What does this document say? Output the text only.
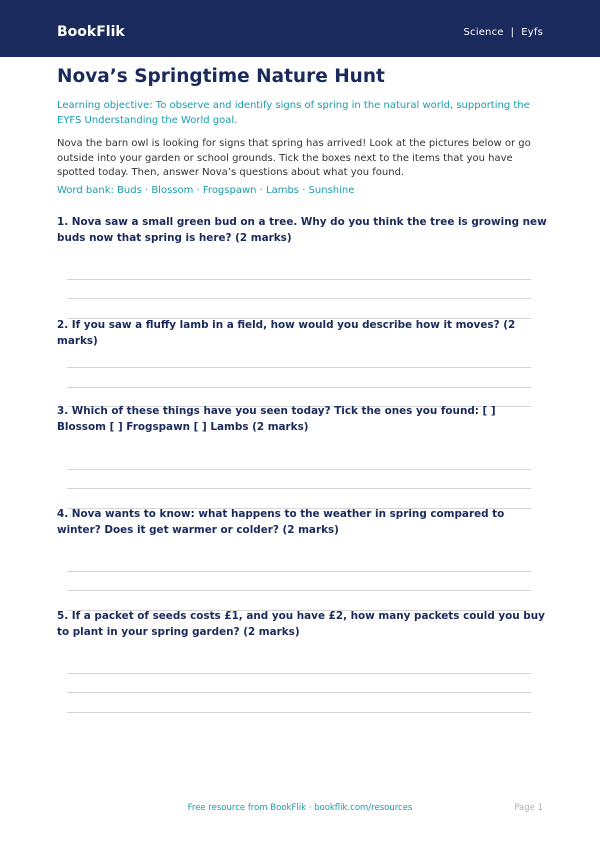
BookFlik	Science | Eyfs
Nova’s Springtime Nature Hunt
Learning objective: To observe and identify signs of spring in the natural world, supporting the EYFS Understanding the World goal.
Nova the barn owl is looking for signs that spring has arrived! Look at the pictures below or go outside into your garden or school grounds. Tick the boxes next to the items that you have spotted today. Then, answer Nova’s questions about what you found.
Word bank: Buds · Blossom · Frogspawn · Lambs · Sunshine
1. Nova saw a small green bud on a tree. Why do you think the tree is growing new buds now that spring is here? (2 marks)
2. If you saw a fluffy lamb in a field, how would you describe how it moves? (2 marks)
3. Which of these things have you seen today? Tick the ones you found: [ ] Blossom [ ] Frogspawn [ ] Lambs (2 marks)
4. Nova wants to know: what happens to the weather in spring compared to winter? Does it get warmer or colder? (2 marks)
5. If a packet of seeds costs £1, and you have £2, how many packets could you buy to plant in your spring garden? (2 marks)
Free resource from BookFlik · bookflik.com/resources	Page 1
